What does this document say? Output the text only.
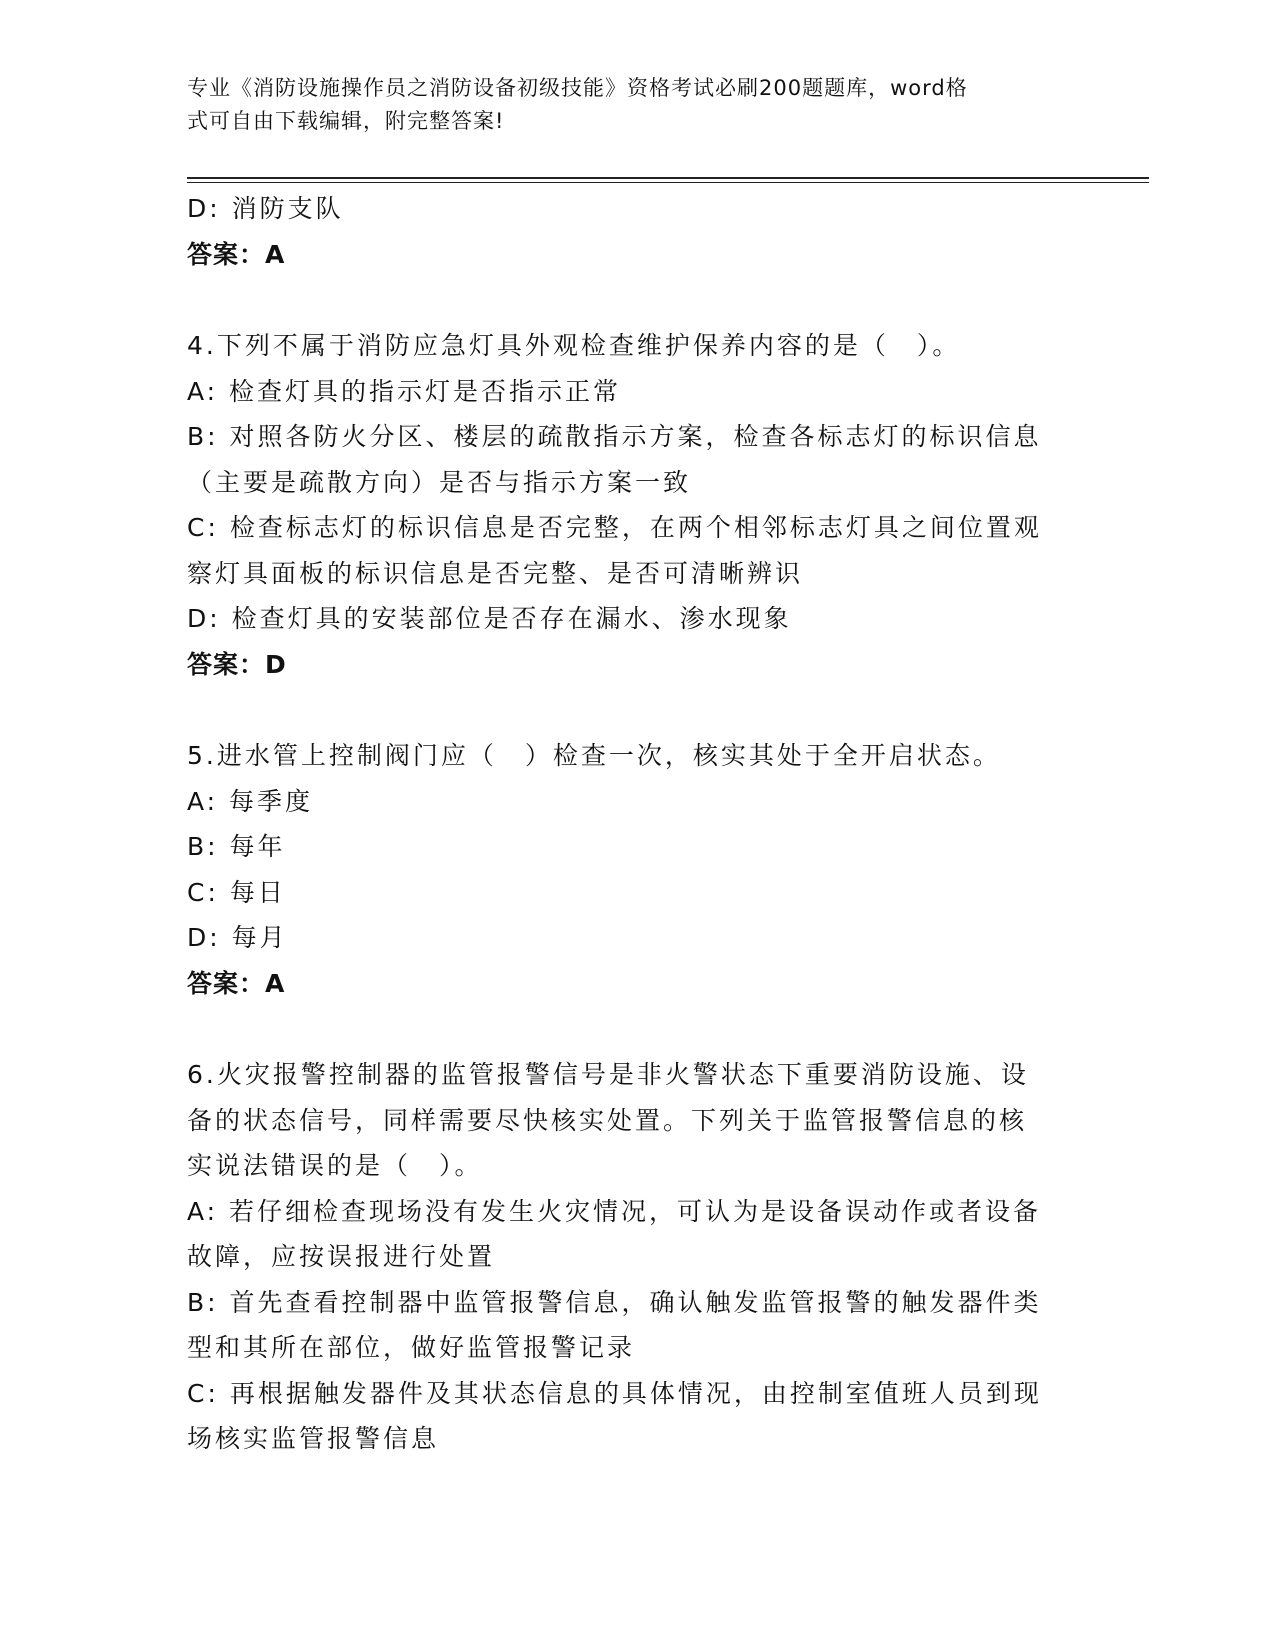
专业《消防设施操作员之消防设备初级技能》资格考试必刷200题题库，word格
式可自由下载编辑，附完整答案!
D: 消防支队
答案：A
4.下列不属于消防应急灯具外观检查维护保养内容的是（　）。
A: 检查灯具的指示灯是否指示正常
B: 对照各防火分区、楼层的疏散指示方案，检查各标志灯的标识信息
（主要是疏散方向）是否与指示方案一致
C: 检查标志灯的标识信息是否完整，在两个相邻标志灯具之间位置观
察灯具面板的标识信息是否完整、是否可清晰辨识
D: 检查灯具的安装部位是否存在漏水、渗水现象
答案：D
5.进水管上控制阀门应（　）检查一次，核实其处于全开启状态。
A: 每季度
B: 每年
C: 每日
D: 每月
答案：A
6.火灾报警控制器的监管报警信号是非火警状态下重要消防设施、设
备的状态信号，同样需要尽快核实处置。下列关于监管报警信息的核
实说法错误的是（　）。
A: 若仔细检查现场没有发生火灾情况，可认为是设备误动作或者设备
故障，应按误报进行处置
B: 首先查看控制器中监管报警信息，确认触发监管报警的触发器件类
型和其所在部位，做好监管报警记录
C: 再根据触发器件及其状态信息的具体情况，由控制室值班人员到现
场核实监管报警信息
